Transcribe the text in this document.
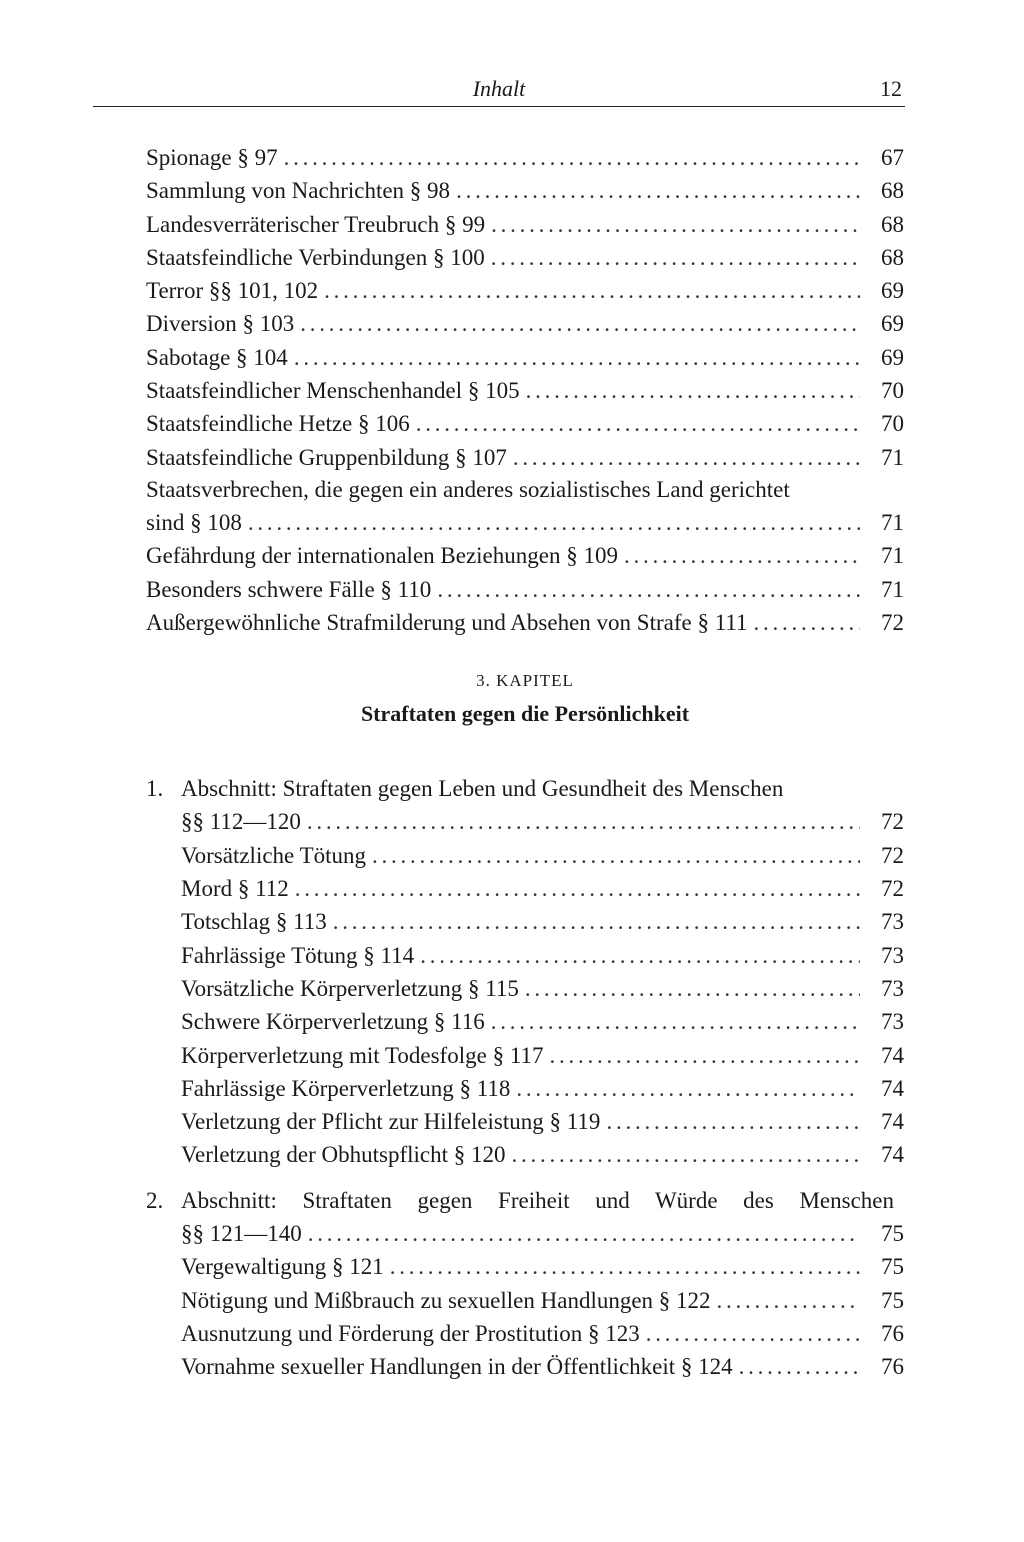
Inhalt	12
Spionage § 97 . . .	67
Sammlung von Nachrichten § 98 . . .	68
Landesverräterischer Treubruch § 99 . . .	68
Staatsfeindliche Verbindungen § 100 . . .	68
Terror §§ 101, 102 . . .	69
Diversion § 103 . . .	69
Sabotage § 104 . . .	69
Staatsfeindlicher Menschenhandel § 105 . . .	70
Staatsfeindliche Hetze § 106 . . .	70
Staatsfeindliche Gruppenbildung § 107 . . .	71
Staatsverbrechen, die gegen ein anderes sozialistisches Land gerichtet
sind § 108 . . .	71
Gefährdung der internationalen Beziehungen § 109 . . .	71
Besonders schwere Fälle § 110 . . .	71
Außergewöhnliche Strafmilderung und Absehen von Strafe § 111 . . .	72
3. KAPITEL
Straftaten gegen die Persönlichkeit
1. Abschnitt: Straftaten gegen Leben und Gesundheit des Menschen
§§ 112—120 . . .	72
Vorsätzliche Tötung . . .	72
Mord § 112 . . .	72
Totschlag § 113 . . .	73
Fahrlässige Tötung § 114 . . .	73
Vorsätzliche Körperverletzung § 115 . . .	73
Schwere Körperverletzung § 116 . . .	73
Körperverletzung mit Todesfolge § 117 . . .	74
Fahrlässige Körperverletzung § 118 . . .	74
Verletzung der Pflicht zur Hilfeleistung § 119 . . .	74
Verletzung der Obhutspflicht § 120 . . .	74
2. Abschnitt: Straftaten gegen Freiheit und Würde des Menschen
§§ 121—140 . . .	75
Vergewaltigung § 121 . . .	75
Nötigung und Mißbrauch zu sexuellen Handlungen § 122 . . .	75
Ausnutzung und Förderung der Prostitution § 123 . . .	76
Vornahme sexueller Handlungen in der Öffentlichkeit § 124 . . .	76
